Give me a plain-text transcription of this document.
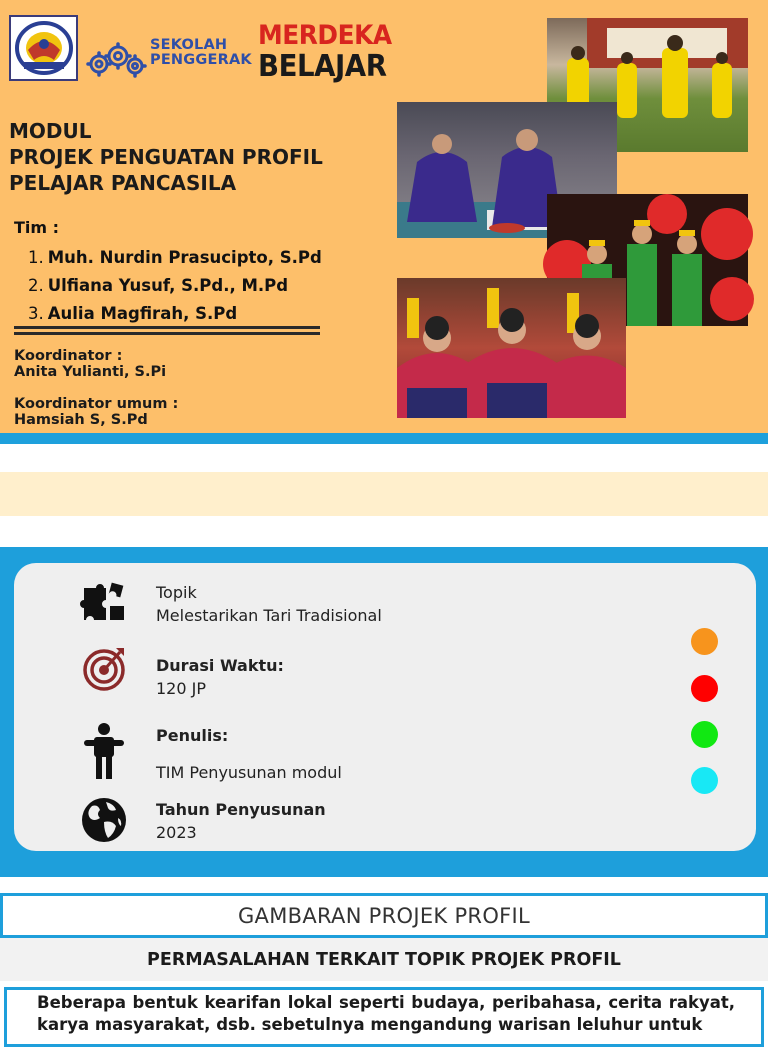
SEKOLAH
PENGGERAK
MERDEKA
BELAJAR
MODUL
PROJEK PENGUATAN PROFIL
PELAJAR PANCASILA
Tim :
1. Muh. Nurdin Prasucipto, S.Pd
2. Ulfiana Yusuf, S.Pd., M.Pd
3. Aulia Magfirah, S.Pd
Koordinator :
Anita Yulianti, S.Pi
Koordinator umum :
Hamsiah S, S.Pd
Topik
Melestarikan Tari Tradisional
Durasi Waktu:
120 JP
Penulis:
TIM Penyusunan modul
Tahun Penyusunan
2023
GAMBARAN PROJEK PROFIL
PERMASALAHAN TERKAIT TOPIK PROJEK PROFIL
Beberapa bentuk kearifan lokal seperti budaya, peribahasa, cerita rakyat, karya masyarakat, dsb. sebetulnya mengandung warisan leluhur untuk
